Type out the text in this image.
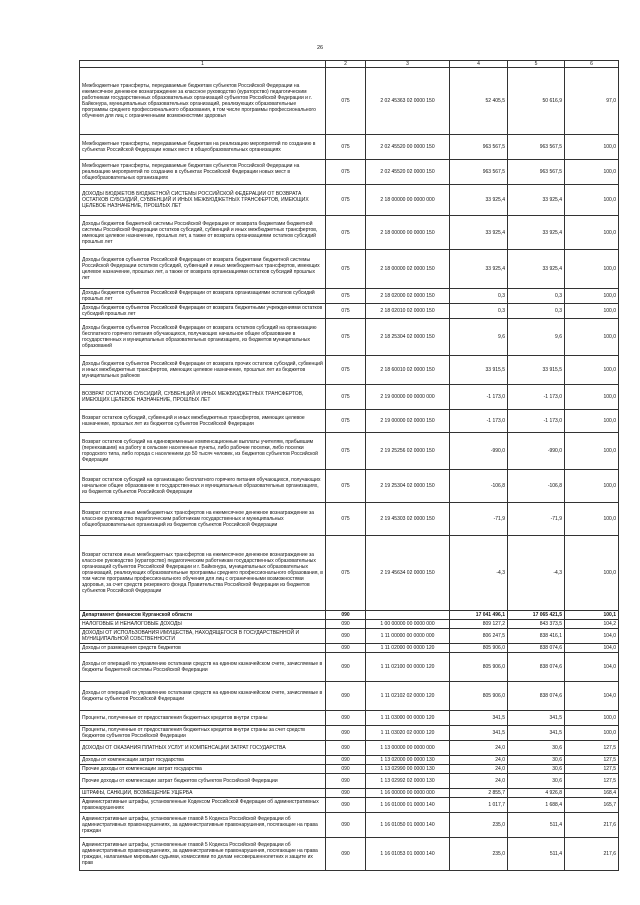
26
1	2	3	4	5	6
Межбюджетные трансферты, передаваемые бюджетам субъектов Российской Федерации на ежемесячное денежное вознаграждение за классное руководство (кураторство) педагогическим работникам государственных образовательных организаций субъектов Российской Федерации и г. Байконура, муниципальных образовательных организаций, реализующих образовательные программы среднего профессионального образования, в том числе программы профессионального обучения для лиц с ограниченными возможностями здоровья	075	2 02 45363 02 0000 150	52 405,5	50 616,9	97,0
Межбюджетные трансферты, передаваемые бюджетам на реализацию мероприятий по созданию в субъектах Российской Федерации новых мест в общеобразовательных организациях	075	2 02 45520 00 0000 150	963 567,5	963 567,5	100,0
Межбюджетные трансферты, передаваемые бюджетам субъектов Российской Федерации на реализацию мероприятий по созданию в субъектах Российской Федерации новых мест в общеобразовательных организациях	075	2 02 45520 02 0000 150	963 567,5	963 567,5	100,0
ДОХОДЫ БЮДЖЕТОВ БЮДЖЕТНОЙ СИСТЕМЫ РОССИЙСКОЙ ФЕДЕРАЦИИ ОТ ВОЗВРАТА ОСТАТКОВ СУБСИДИЙ, СУБВЕНЦИЙ И ИНЫХ МЕЖБЮДЖЕТНЫХ ТРАНСФЕРТОВ, ИМЕЮЩИХ ЦЕЛЕВОЕ НАЗНАЧЕНИЕ, ПРОШЛЫХ ЛЕТ	075	2 18 00000 00 0000 000	33 925,4	33 925,4	100,0
Доходы бюджетов бюджетной системы Российской Федерации от возврата бюджетами бюджетной системы Российской Федерации остатков субсидий, субвенций и иных межбюджетных трансфертов, имеющих целевое назначение, прошлых лет, а также от возврата организациями остатков субсидий прошлых лет	075	2 18 00000 00 0000 150	33 925,4	33 925,4	100,0
Доходы бюджетов субъектов Российской Федерации от возврата бюджетами бюджетной системы Российской Федерации остатков субсидий, субвенций и иных межбюджетных трансфертов, имеющих целевое назначение, прошлых лет, а также от возврата организациями остатков субсидий прошлых лет	075	2 18 00000 02 0000 150	33 925,4	33 925,4	100,0
Доходы бюджетов субъектов Российской Федерации от возврата организациями остатков субсидий прошлых лет	075	2 18 02000 02 0000 150	0,3	0,3	100,0
Доходы бюджетов субъектов Российской Федерации от возврата бюджетными учреждениями остатков субсидий прошлых лет	075	2 18 02010 02 0000 150	0,3	0,3	100,0
Доходы бюджетов субъектов Российской Федерации от возврата остатков субсидий на организацию бесплатного горячего питания обучающихся, получающих начальное общее образование в государственных и муниципальных образовательных организациях, из бюджетов муниципальных образований	075	2 18 25304 02 0000 150	9,6	9,6	100,0
Доходы бюджетов субъектов Российской Федерации от возврата прочих остатков субсидий, субвенций и иных межбюджетных трансфертов, имеющих целевое назначение, прошлых лет из бюджетов муниципальных районов	075	2 18 60010 02 0000 150	33 915,5	33 915,5	100,0
ВОЗВРАТ ОСТАТКОВ СУБСИДИЙ, СУБВЕНЦИЙ И ИНЫХ МЕЖБЮДЖЕТНЫХ ТРАНСФЕРТОВ, ИМЕЮЩИХ ЦЕЛЕВОЕ НАЗНАЧЕНИЕ, ПРОШЛЫХ ЛЕТ	075	2 19 00000 00 0000 000	-1 173,0	-1 173,0	100,0
Возврат остатков субсидий, субвенций и иных межбюджетных трансфертов, имеющих целевое назначение, прошлых лет из бюджетов субъектов Российской Федерации	075	2 19 00000 02 0000 150	-1 173,0	-1 173,0	100,0
Возврат остатков субсидий на единовременные компенсационные выплаты учителям, прибывшим (переехавшим) на работу в сельские населенные пункты, либо рабочие поселки, либо поселки городского типа, либо города с населением до 50 тысяч человек, из бюджетов субъектов Российской Федерации	075	2 19 25256 02 0000 150	-990,0	-990,0	100,0
Возврат остатков субсидий на организацию бесплатного горячего питания обучающихся, получающих начальное общее образование в государственных и муниципальных образовательных организациях, из бюджетов субъектов Российской Федерации	075	2 19 25304 02 0000 150	-106,8	-106,8	100,0
Возврат остатков иных межбюджетных трансфертов на ежемесячное денежное вознаграждение за классное руководство педагогическим работникам государственных и муниципальных общеобразовательных организаций из бюджетов субъектов Российской Федерации	075	2 19 45303 02 0000 150	-71,9	-71,9	100,0
Возврат остатков иных межбюджетных трансфертов на ежемесячное денежное вознаграждение за классное руководство (кураторство) педагогическим работникам государственных образовательных организаций субъектов Российской Федерации и г. Байконура, муниципальных образовательных организаций, реализующих образовательные программы среднего профессионального образования, в том числе программы профессионального обучения для лиц с ограниченными возможностями здоровья, за счет средств резервного фонда Правительства Российской Федерации из бюджетов субъектов Российской Федерации	075	2 19 45634 02 0000 150	-4,3	-4,3	100,0
Департамент финансов Курганской области	090		17 041 496,1	17 065 421,5	100,1
НАЛОГОВЫЕ И НЕНАЛОГОВЫЕ ДОХОДЫ	090	1 00 00000 00 0000 000	809 127,2	843 373,5	104,2
ДОХОДЫ ОТ ИСПОЛЬЗОВАНИЯ ИМУЩЕСТВА, НАХОДЯЩЕГОСЯ В ГОСУДАРСТВЕННОЙ И МУНИЦИПАЛЬНОЙ СОБСТВЕННОСТИ	090	1 11 00000 00 0000 000	806 247,5	838 416,1	104,0
Доходы от размещения средств бюджетов	090	1 11 02000 00 0000 120	805 906,0	838 074,6	104,0
Доходы от операций по управлению остатками средств на едином казначейском счете, зачисляемые в бюджеты бюджетной системы Российской Федерации	090	1 11 02100 00 0000 120	805 906,0	838 074,6	104,0
Доходы от операций по управлению остатками средств на едином казначейском счете, зачисляемые в бюджеты субъектов Российской Федерации	090	1 11 02102 02 0000 120	805 906,0	838 074,6	104,0
Проценты, полученные от предоставления бюджетных кредитов внутри страны	090	1 11 03000 00 0000 120	341,5	341,5	100,0
Проценты, полученные от предоставления бюджетных кредитов внутри страны за счет средств бюджетов субъектов Российской Федерации	090	1 11 03020 02 0000 120	341,5	341,5	100,0
ДОХОДЫ ОТ ОКАЗАНИЯ ПЛАТНЫХ УСЛУГ И КОМПЕНСАЦИИ ЗАТРАТ ГОСУДАРСТВА	090	1 13 00000 00 0000 000	24,0	30,6	127,5
Доходы от компенсации затрат государства	090	1 13 02000 00 0000 130	24,0	30,6	127,5
Прочие доходы от компенсации затрат государства	090	1 13 02990 00 0000 130	24,0	30,6	127,5
Прочие доходы от компенсации затрат бюджетов субъектов Российской Федерации	090	1 13 02992 02 0000 130	24,0	30,6	127,5
ШТРАФЫ, САНКЦИИ, ВОЗМЕЩЕНИЕ УЩЕРБА	090	1 16 00000 00 0000 000	2 855,7	4 926,8	168,4
Административные штрафы, установленные Кодексом Российской Федерации об административных правонарушениях	090	1 16 01000 01 0000 140	1 017,7	1 688,4	165,7
Административные штрафы, установленные главой 5 Кодекса Российской Федерации об административных правонарушениях, за административные правонарушения, посягающие на права граждан	090	1 16 01050 01 0000 140	235,0	511,4	217,6
Административные штрафы, установленные главой 5 Кодекса Российской Федерации об административных правонарушениях, за административные правонарушения, посягающие на права граждан, налагаемые мировыми судьями, комиссиями по делам несовершеннолетних и защите их прав	090	1 16 01053 01 0000 140	235,0	511,4	217,6
